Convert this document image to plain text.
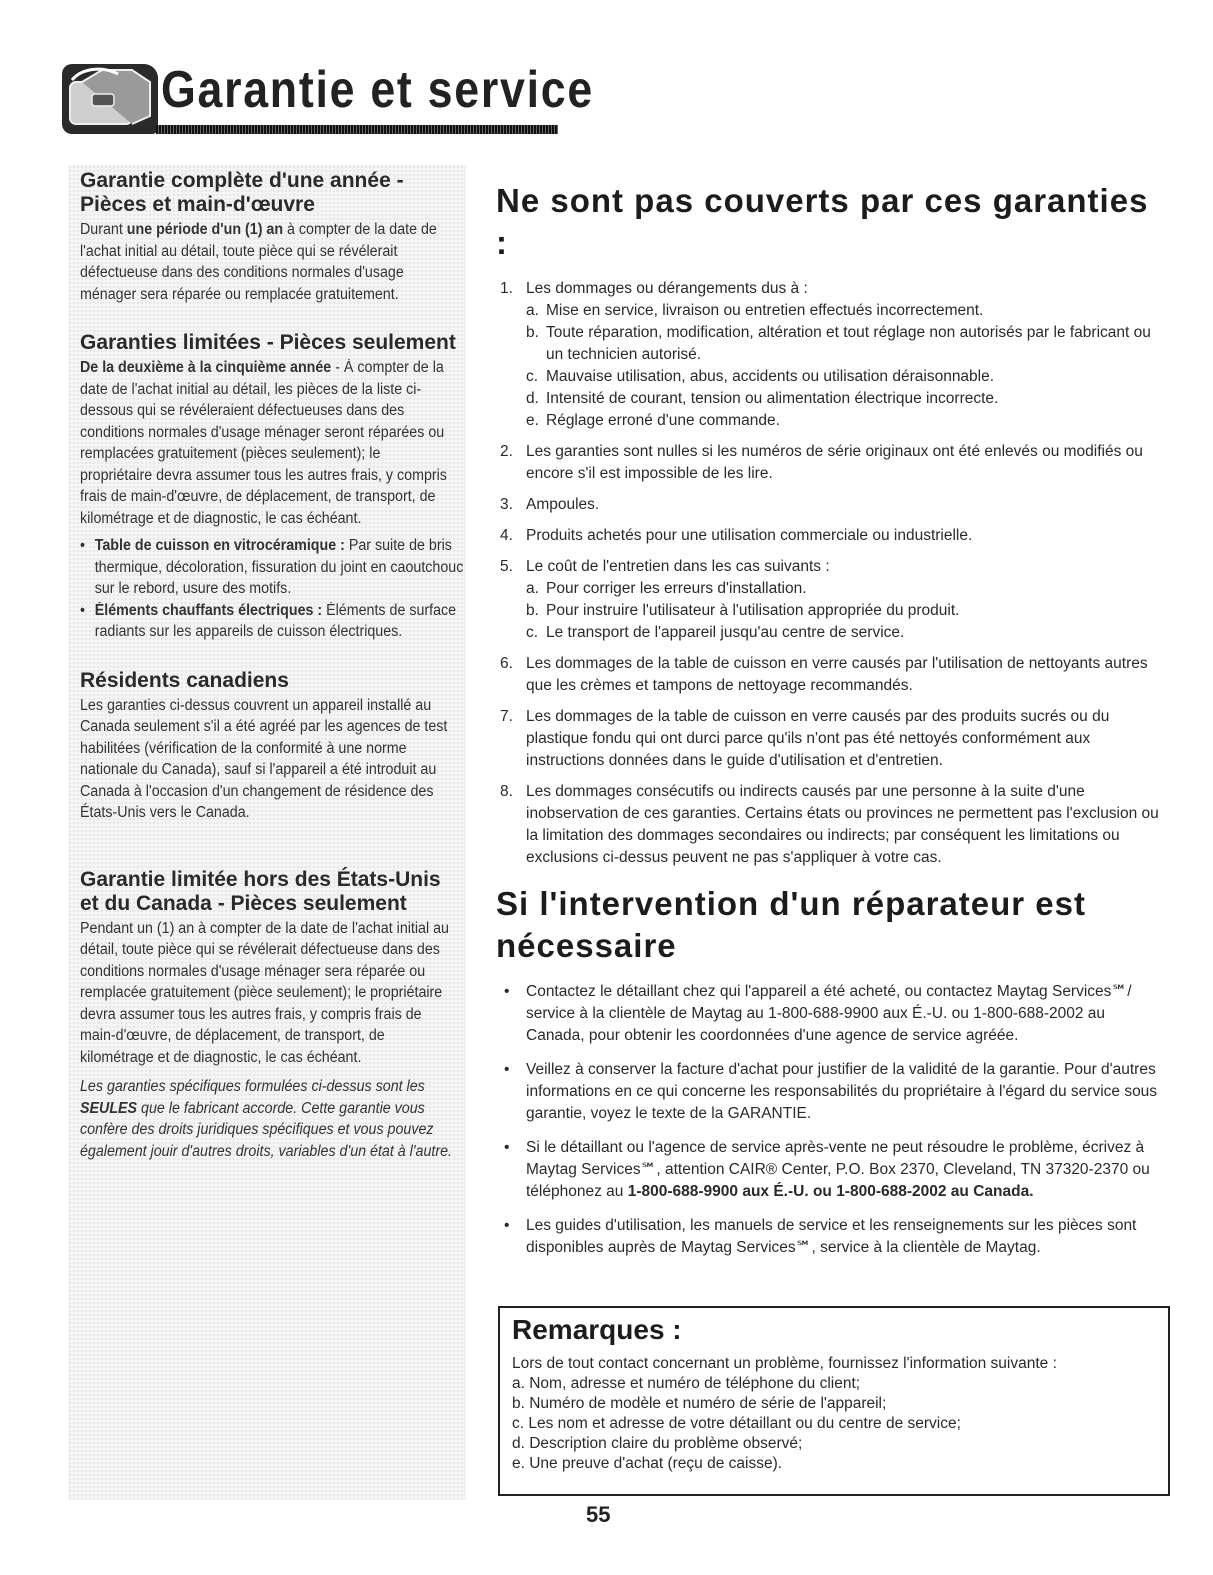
Garantie et service
Garantie complète d'une année -
Pièces et main-d'œuvre

Durant une période d'un (1) an à compter de la date de l'achat initial au détail, toute pièce qui se révélerait défectueuse dans des conditions normales d'usage ménager sera réparée ou remplacée gratuitement.

Garanties limitées - Pièces seulement

De la deuxième à la cinquième année - À compter de la date de l'achat initial au détail, les pièces de la liste ci-dessous qui se révéleraient défectueuses dans des conditions normales d'usage ménager seront réparées ou remplacées gratuitement (pièces seulement); le propriétaire devra assumer tous les autres frais, y compris frais de main-d'œuvre, de déplacement, de transport, de kilométrage et de diagnostic, le cas échéant.

• Table de cuisson en vitrocéramique : Par suite de bris thermique, décoloration, fissuration du joint en caoutchouc sur le rebord, usure des motifs.
• Éléments chauffants électriques : Éléments de surface radiants sur les appareils de cuisson électriques.
Résidents canadiens

Les garanties ci-dessus couvrent un appareil installé au Canada seulement s'il a été agréé par les agences de test habilitées (vérification de la conformité à une norme nationale du Canada), sauf si l'appareil a été introduit au Canada à l'occasion d'un changement de résidence des États-Unis vers le Canada.

Garantie limitée hors des États-Unis
et du Canada - Pièces seulement

Pendant un (1) an à compter de la date de l'achat initial au détail, toute pièce qui se révélerait défectueuse dans des conditions normales d'usage ménager sera réparée ou remplacée gratuitement (pièce seulement); le propriétaire devra assumer tous les autres frais, y compris frais de main-d'œuvre, de déplacement, de transport, de kilométrage et de diagnostic, le cas échéant.

Les garanties spécifiques formulées ci-dessus sont les SEULES que le fabricant accorde. Cette garantie vous confère des droits juridiques spécifiques et vous pouvez également jouir d'autres droits, variables d'un état à l'autre.

Ne sont pas couverts par ces garanties :
1. Les dommages ou dérangements dus à :
a. Mise en service, livraison ou entretien effectués incorrectement.
b. Toute réparation, modification, altération et tout réglage non autorisés par le fabricant ou un technicien autorisé.
c. Mauvaise utilisation, abus, accidents ou utilisation déraisonnable.
d. Intensité de courant, tension ou alimentation électrique incorrecte.
e. Réglage erroné d'une commande.
2. Les garanties sont nulles si les numéros de série originaux ont été enlevés ou modifiés ou encore s'il est impossible de les lire.
3. Ampoules.
4. Produits achetés pour une utilisation commerciale ou industrielle.
5. Le coût de l'entretien dans les cas suivants :
a. Pour corriger les erreurs d'installation.
b. Pour instruire l'utilisateur à l'utilisation appropriée du produit.
c. Le transport de l'appareil jusqu'au centre de service.
6. Les dommages de la table de cuisson en verre causés par l'utilisation de nettoyants autres que les crèmes et tampons de nettoyage recommandés.
7. Les dommages de la table de cuisson en verre causés par des produits sucrés ou du plastique fondu qui ont durci parce qu'ils n'ont pas été nettoyés conformément aux instructions données dans le guide d'utilisation et d'entretien.
8. Les dommages consécutifs ou indirects causés par une personne à la suite d'une inobservation de ces garanties. Certains états ou provinces ne permettent pas l'exclusion ou la limitation des dommages secondaires ou indirects; par conséquent les limitations ou exclusions ci-dessus peuvent ne pas s'appliquer à votre cas.
Si l'intervention d'un réparateur est nécessaire
• Contactez le détaillant chez qui l'appareil a été acheté, ou contactez Maytag Services℠/ service à la clientèle de Maytag au 1-800-688-9900 aux É.-U. ou 1-800-688-2002 au Canada, pour obtenir les coordonnées d'une agence de service agréée.
• Veillez à conserver la facture d'achat pour justifier de la validité de la garantie. Pour d'autres informations en ce qui concerne les responsabilités du propriétaire à l'égard du service sous garantie, voyez le texte de la GARANTIE.
• Si le détaillant ou l'agence de service après-vente ne peut résoudre le problème, écrivez à Maytag Services℠, attention CAIR® Center, P.O. Box 2370, Cleveland, TN 37320-2370 ou téléphonez au 1-800-688-9900 aux É.-U. ou 1-800-688-2002 au Canada.
• Les guides d'utilisation, les manuels de service et les renseignements sur les pièces sont disponibles auprès de Maytag Services℠, service à la clientèle de Maytag.
Remarques :
Lors de tout contact concernant un problème, fournissez l'information suivante :
a. Nom, adresse et numéro de téléphone du client;
b. Numéro de modèle et numéro de série de l'appareil;
c. Les nom et adresse de votre détaillant ou du centre de service;
d. Description claire du problème observé;
e. Une preuve d'achat (reçu de caisse).
55
